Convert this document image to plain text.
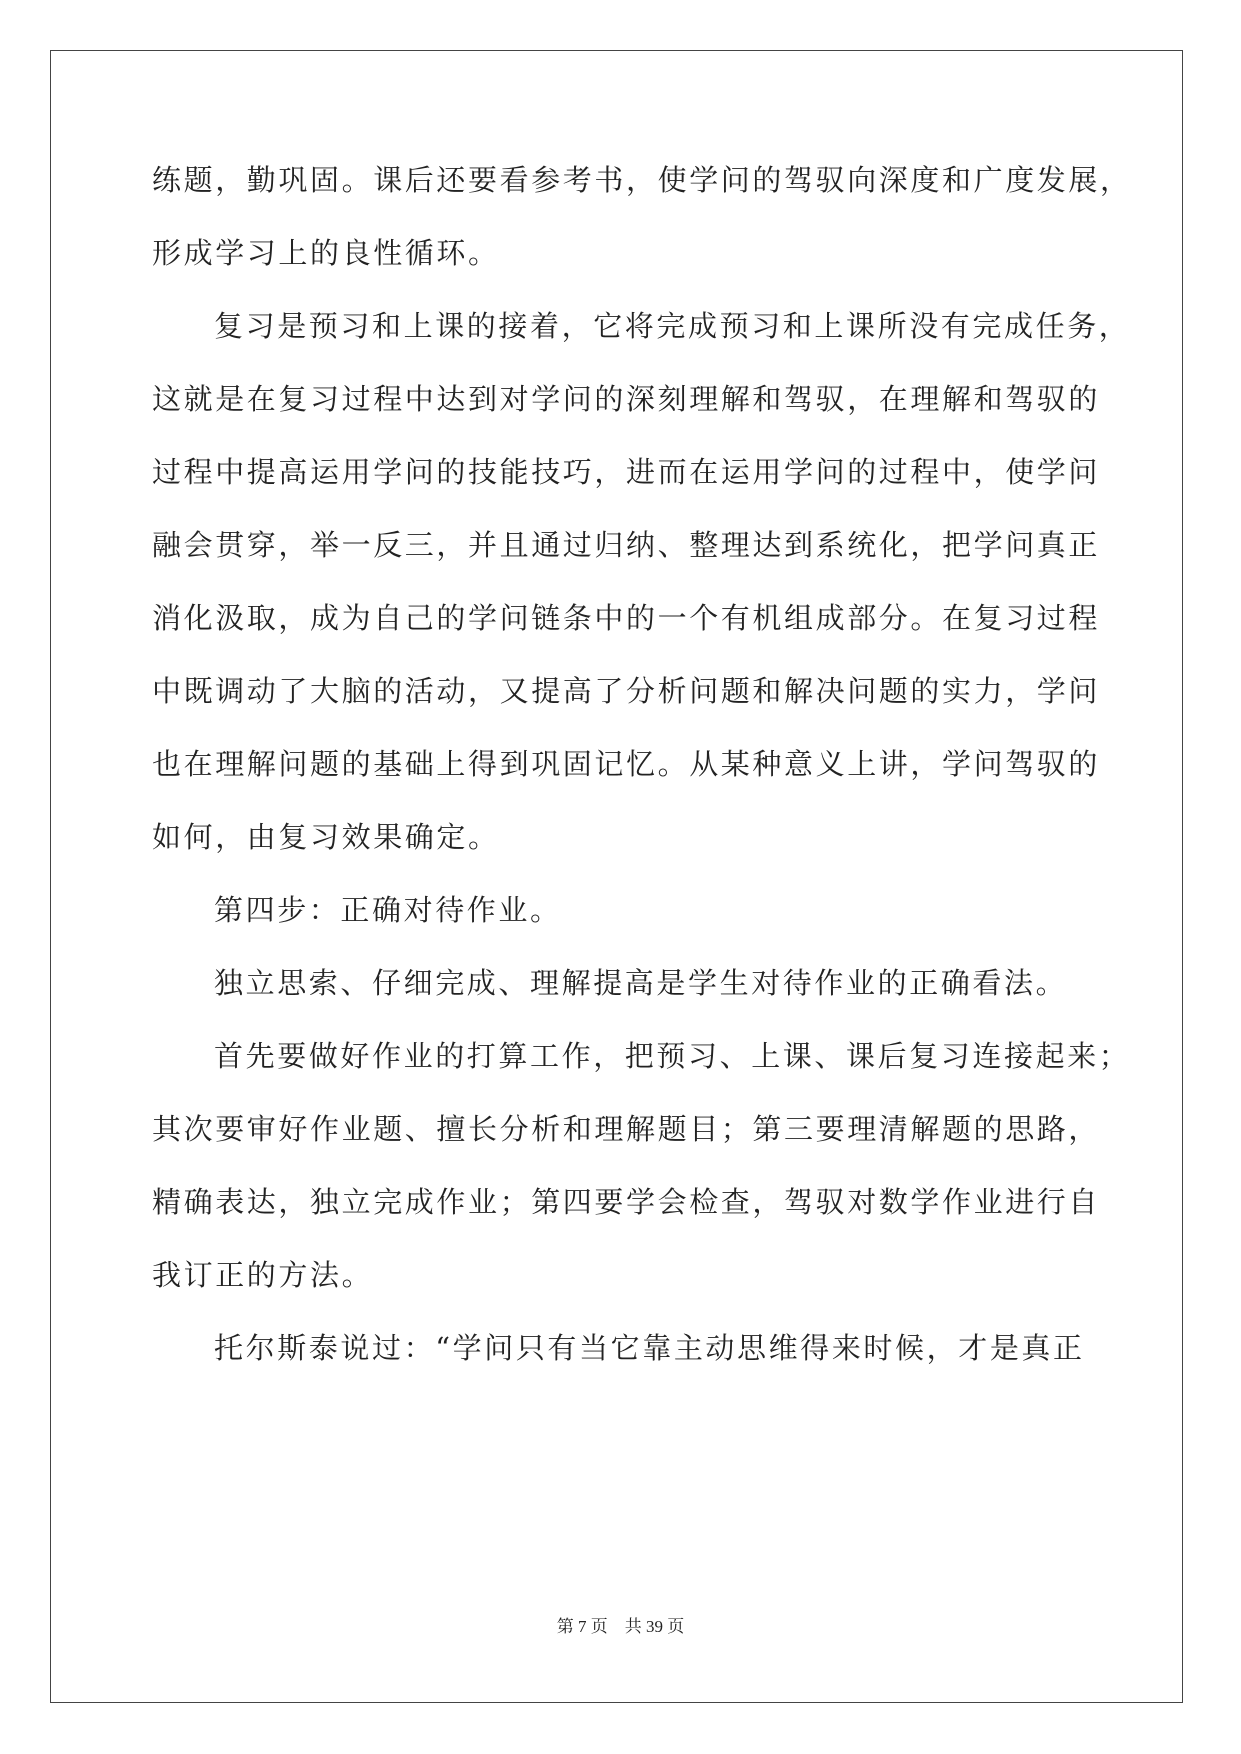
练题，勤巩固。课后还要看参考书，使学问的驾驭向深度和广度发展，
形成学习上的良性循环。
复习是预习和上课的接着，它将完成预习和上课所没有完成任务，
这就是在复习过程中达到对学问的深刻理解和驾驭，在理解和驾驭的
过程中提高运用学问的技能技巧，进而在运用学问的过程中，使学问
融会贯穿，举一反三，并且通过归纳、整理达到系统化，把学问真正
消化汲取，成为自己的学问链条中的一个有机组成部分。在复习过程
中既调动了大脑的活动，又提高了分析问题和解决问题的实力，学问
也在理解问题的基础上得到巩固记忆。从某种意义上讲，学问驾驭的
如何，由复习效果确定。
第四步：正确对待作业。
独立思索、仔细完成、理解提高是学生对待作业的正确看法。
首先要做好作业的打算工作，把预习、上课、课后复习连接起来；
其次要审好作业题、擅长分析和理解题目；第三要理清解题的思路，
精确表达，独立完成作业；第四要学会检查，驾驭对数学作业进行自
我订正的方法。
托尔斯泰说过：“学问只有当它靠主动思维得来时候，才是真正
第 7 页　共 39 页
